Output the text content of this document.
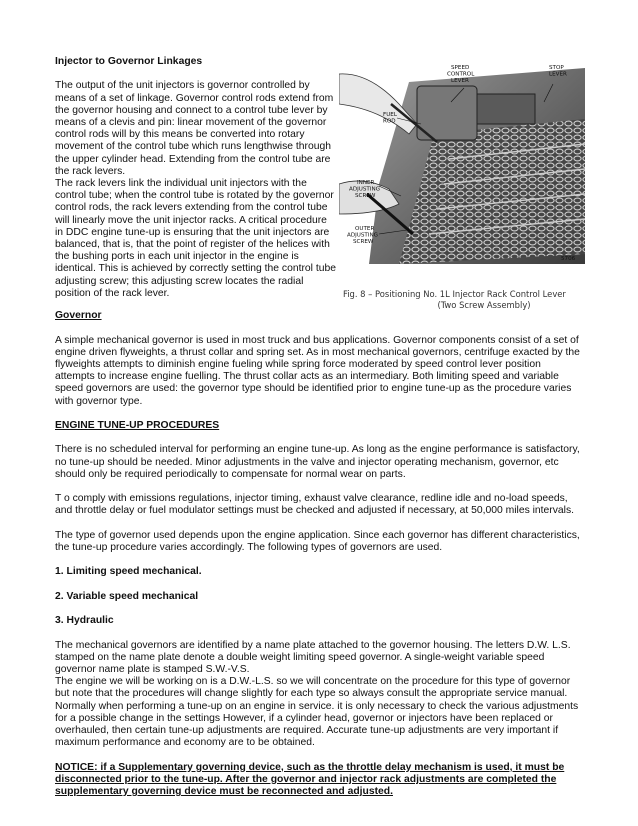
Injector to Governor Linkages

The output of the unit injectors is governor controlled by means of a set of linkage. Governor control rods extend from the governor housing and connect to a control tube lever by means of a clevis and pin: linear movement of the governor control rods will by this means be converted into rotary movement of the control tube which runs lengthwise through the upper cylinder head. Extending from the control tube are the rack levers.

The rack levers link the individual unit injectors with the control tube; when the control tube is rotated by the governor control rods, the rack levers extending from the control tube will linearly move the unit injector racks. A critical procedure in DDC engine tune-up is ensuring that the unit injectors are balanced, that is, that the point of register of the helices with the bushing ports in each unit injector in the engine is identical. This is achieved by correctly setting the control tube adjusting screw; this adjusting screw locates the radial position of the rack lever.

SPEED CONTROL LEVER
STOP LEVER
FUEL ROD
INNER ADJUSTING SCREW
OUTER ADJUSTING SCREW
5706
Fig. 8 – Positioning No. 1L Injector Rack Control Lever
(Two Screw Assembly)

Governor

A simple mechanical governor is used in most truck and bus applications. Governor components consist of a set of engine driven flyweights, a thrust collar and spring set. As in most mechanical governors, centrifuge exacted by the flyweights attempts to diminish engine fueling while spring force moderated by speed control lever position attempts to increase engine fuelling. The thrust collar acts as an intermediary. Both limiting speed and variable speed governors are used: the governor type should be identified prior to engine tune-up as the procedure varies with governor type.

ENGINE TUNE-UP PROCEDURES

There is no scheduled interval for performing an engine tune-up. As long as the engine performance is satisfactory, no tune-up should be needed. Minor adjustments in the valve and injector operating mechanism, governor, etc should only be required periodically to compensate for normal wear on parts.

T o comply with emissions regulations, injector timing, exhaust valve clearance, redline idle and no-load speeds, and throttle delay or fuel modulator settings must be checked and adjusted if necessary, at 50,000 miles intervals.

The type of governor used depends upon the engine application. Since each governor has different characteristics, the tune-up procedure varies accordingly. The following types of governors are used.

1. Limiting speed mechanical.

2. Variable speed mechanical

3. Hydraulic

The mechanical governors are identified by a name plate attached to the governor housing. The letters D.W. L.S. stamped on the name plate denote a double weight limiting speed governor. A single-weight variable speed governor name plate is stamped S.W.-V.S.

The engine we will be working on is a D.W.-L.S. so we will concentrate on the procedure for this type of governor but note that the procedures will change slightly for each type so always consult the appropriate service manual.

Normally when performing a tune-up on an engine in service. it is only necessary to check the various adjustments for a possible change in the settings However, if a cylinder head, governor or injectors have been replaced or overhauled, then certain tune-up adjustments are required. Accurate tune-up adjustments are very important if maximum performance and economy are to be obtained.

NOTICE: if a Supplementary governing device, such as the throttle delay mechanism is used, it must be disconnected prior to the tune-up. After the governor and injector rack adjustments are completed the supplementary governing device must be reconnected and adjusted.
